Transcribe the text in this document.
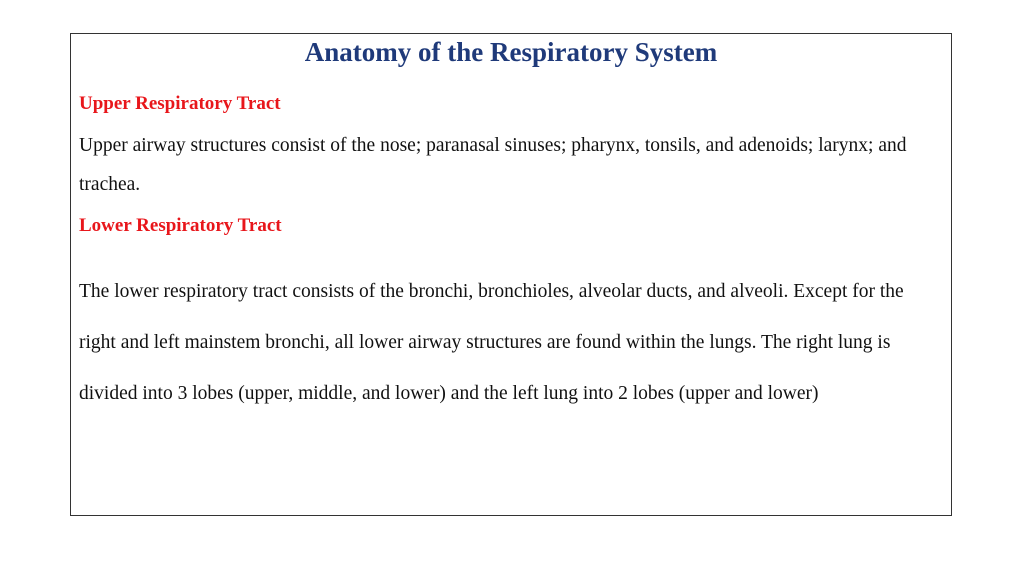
Anatomy of the Respiratory System
Upper Respiratory Tract
Upper airway structures consist of the nose; paranasal sinuses; pharynx, tonsils, and adenoids; larynx; and trachea.
Lower Respiratory Tract
The lower respiratory tract consists of the bronchi, bronchioles, alveolar ducts, and alveoli. Except for the right and left mainstem bronchi, all lower airway structures are found within the lungs. The right lung is divided into 3 lobes (upper, middle, and lower) and the left lung into 2 lobes (upper and lower)
